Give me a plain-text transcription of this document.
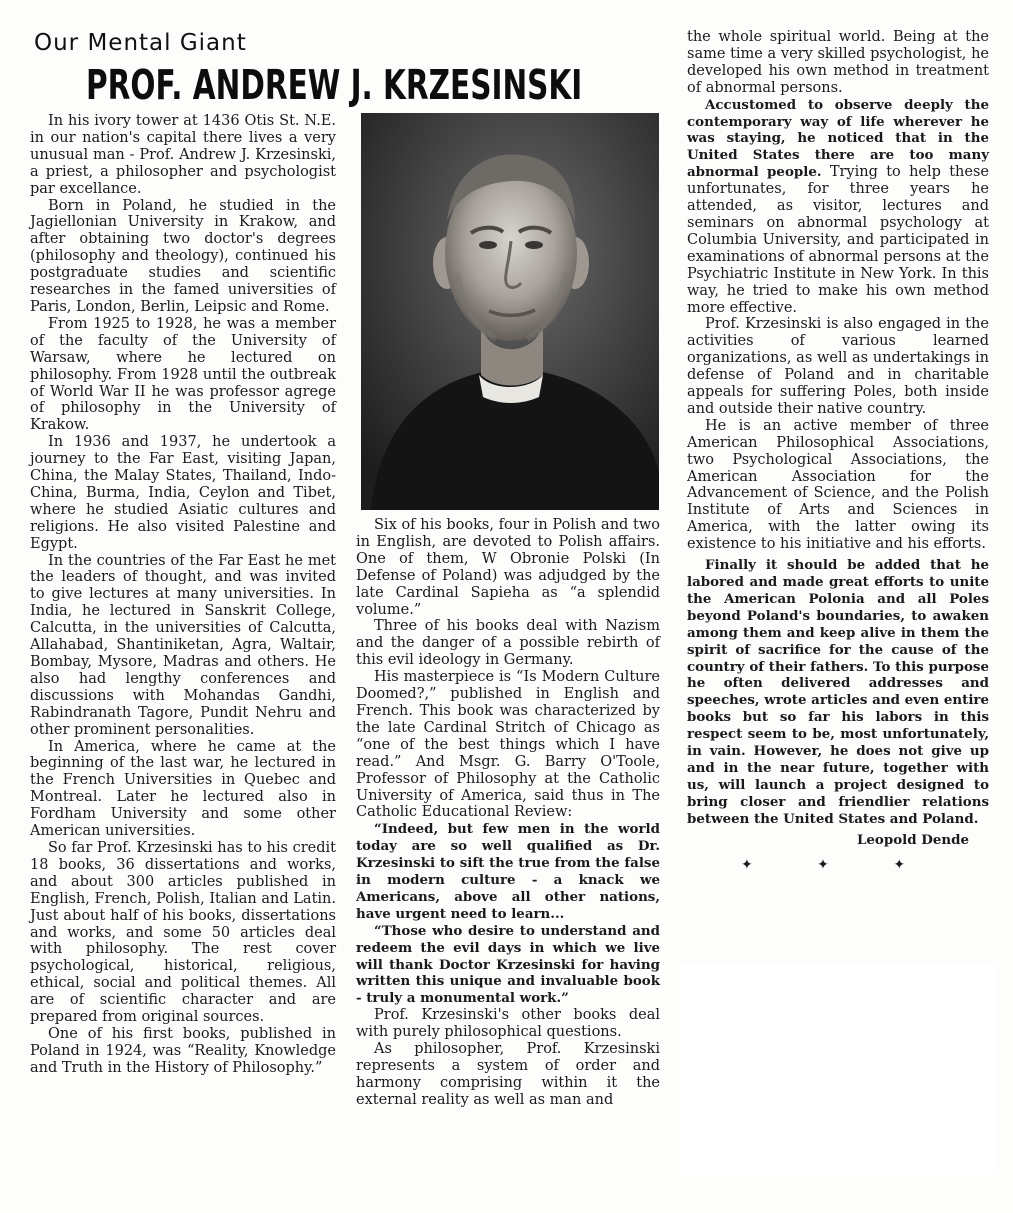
Our Mental Giant
PROF. ANDREW J. KRZESINSKI

In his ivory tower at 1436 Otis St. N.E. in our nation's capital there lives a very unusual man - Prof. Andrew J. Krzesinski, a priest, a philosopher and psychologist par excellance.

Born in Poland, he studied in the Jagiellonian University in Krakow, and after obtaining two doctor's degrees (philosophy and theology), continued his postgraduate studies and scientific researches in the famed universities of Paris, London, Berlin, Leipsic and Rome.

From 1925 to 1928, he was a member of the faculty of the University of Warsaw, where he lectured on philosophy. From 1928 until the outbreak of World War II he was professor agrege of philosophy in the University of Krakow.

In 1936 and 1937, he undertook a journey to the Far East, visiting Japan, China, the Malay States, Thailand, Indo-China, Burma, India, Ceylon and Tibet, where he studied Asiatic cultures and religions. He also visited Palestine and Egypt.

In the countries of the Far East he met the leaders of thought, and was invited to give lectures at many universities. In India, he lectured in Sanskrit College, Calcutta, in the universities of Calcutta, Allahabad, Shantiniketan, Agra, Waltair, Bombay, Mysore, Madras and others. He also had lengthy conferences and discussions with Mohandas Gandhi, Rabindranath Tagore, Pundit Nehru and other prominent personalities.

In America, where he came at the beginning of the last war, he lectured in the French Universities in Quebec and Montreal. Later he lectured also in Fordham University and some other American universities.

So far Prof. Krzesinski has to his credit 18 books, 36 dissertations and works, and about 300 articles published in English, French, Polish, Italian and Latin. Just about half of his books, dissertations and works, and some 50 articles deal with philosophy. The rest cover psychological, historical, religious, ethical, social and political themes. All are of scientific character and are prepared from original sources.

One of his first books, published in Poland in 1924, was “Reality, Knowledge and Truth in the History of Philosophy.”

Six of his books, four in Polish and two in English, are devoted to Polish affairs. One of them, W Obronie Polski (In Defense of Poland) was adjudged by the late Cardinal Sapieha as “a splendid volume.”

Three of his books deal with Nazism and the danger of a possible rebirth of this evil ideology in Germany.

His masterpiece is “Is Modern Culture Doomed?,” published in English and French. This book was characterized by the late Cardinal Stritch of Chicago as “one of the best things which I have read.” And Msgr. G. Barry O'Toole, Professor of Philosophy at the Catholic University of America, said thus in The Catholic Educational Review:

“Indeed, but few men in the world today are so well qualified as Dr. Krzesinski to sift the true from the false in modern culture - a knack we Americans, above all other nations, have urgent need to learn...

“Those who desire to understand and redeem the evil days in which we live will thank Doctor Krzesinski for having written this unique and invaluable book - truly a monumental work.”

Prof. Krzesinski's other books deal with purely philosophical questions.

As philosopher, Prof. Krzesinski represents a system of order and harmony comprising within it the external reality as well as man and

the whole spiritual world. Being at the same time a very skilled psychologist, he developed his own method in treatment of abnormal persons.

Accustomed to observe deeply the contemporary way of life wherever he was staying, he noticed that in the United States there are too many abnormal people. Trying to help these unfortunates, for three years he attended, as visitor, lectures and seminars on abnormal psychology at Columbia University, and participated in examinations of abnormal persons at the Psychiatric Institute in New York. In this way, he tried to make his own method more effective.

Prof. Krzesinski is also engaged in the activities of various learned organizations, as well as undertakings in defense of Poland and in charitable appeals for suffering Poles, both inside and outside their native country.

He is an active member of three American Philosophical Associations, two Psychological Associations, the American Association for the Advancement of Science, and the Polish Institute of Arts and Sciences in America, with the latter owing its existence to his initiative and his efforts.

Finally it should be added that he labored and made great efforts to unite the American Polonia and all Poles beyond Poland's boundaries, to awaken among them and keep alive in them the spirit of sacrifice for the cause of the country of their fathers. To this purpose he often delivered addresses and speeches, wrote articles and even entire books but so far his labors in this respect seem to be, most unfortunately, in vain. However, he does not give up and in the near future, together with us, will launch a project designed to bring closer and friendlier relations between the United States and Poland.

Leopold Dende
✦ ✦ ✦
